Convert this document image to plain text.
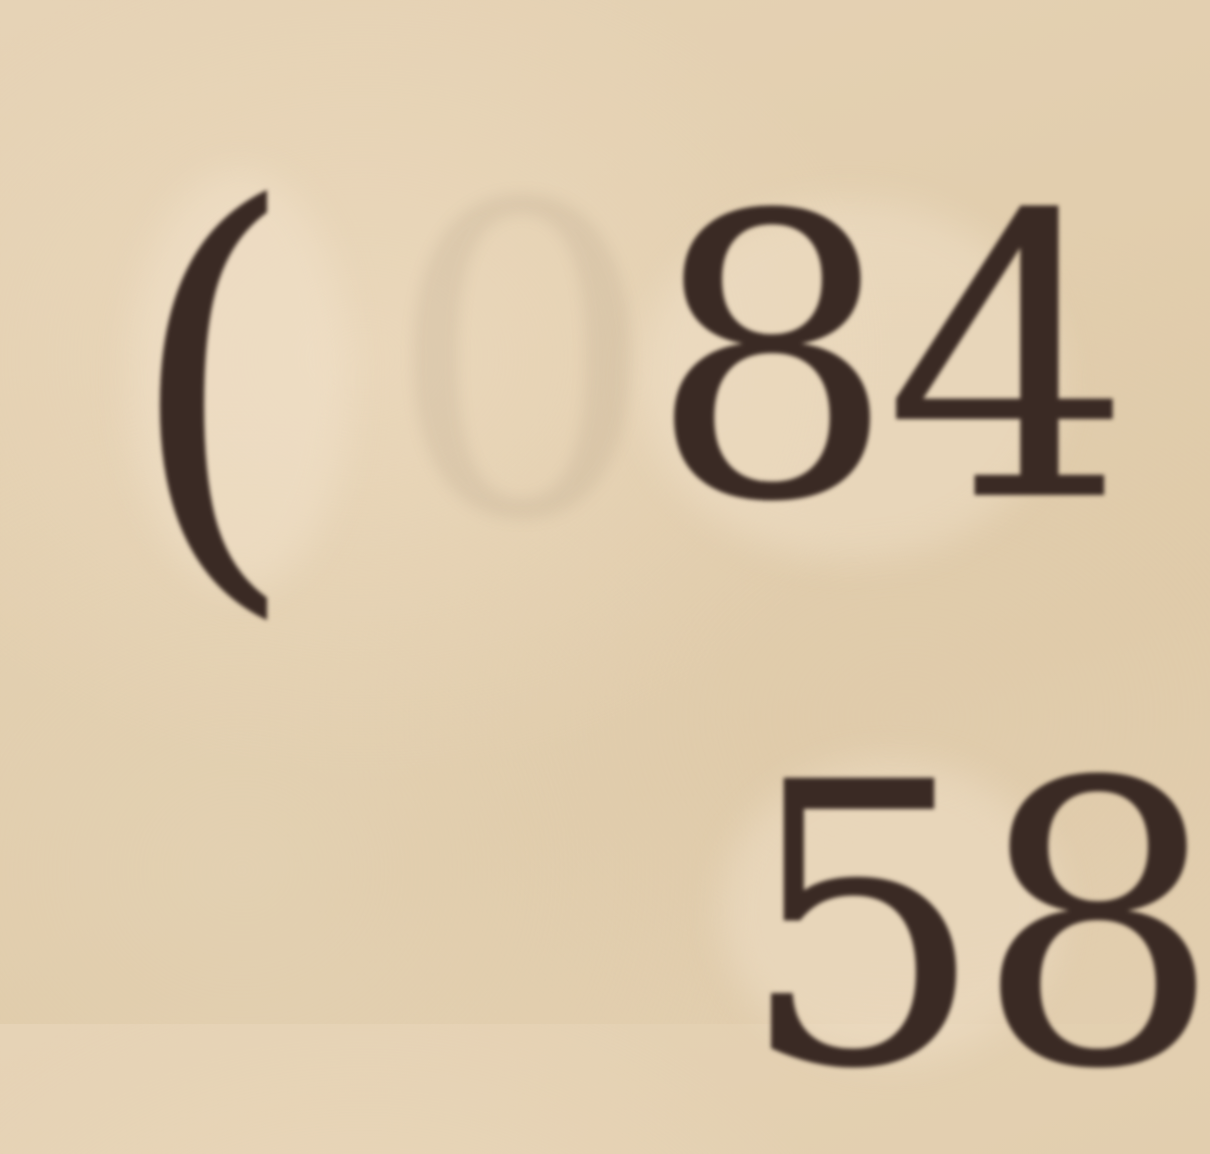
( 0
84
58
